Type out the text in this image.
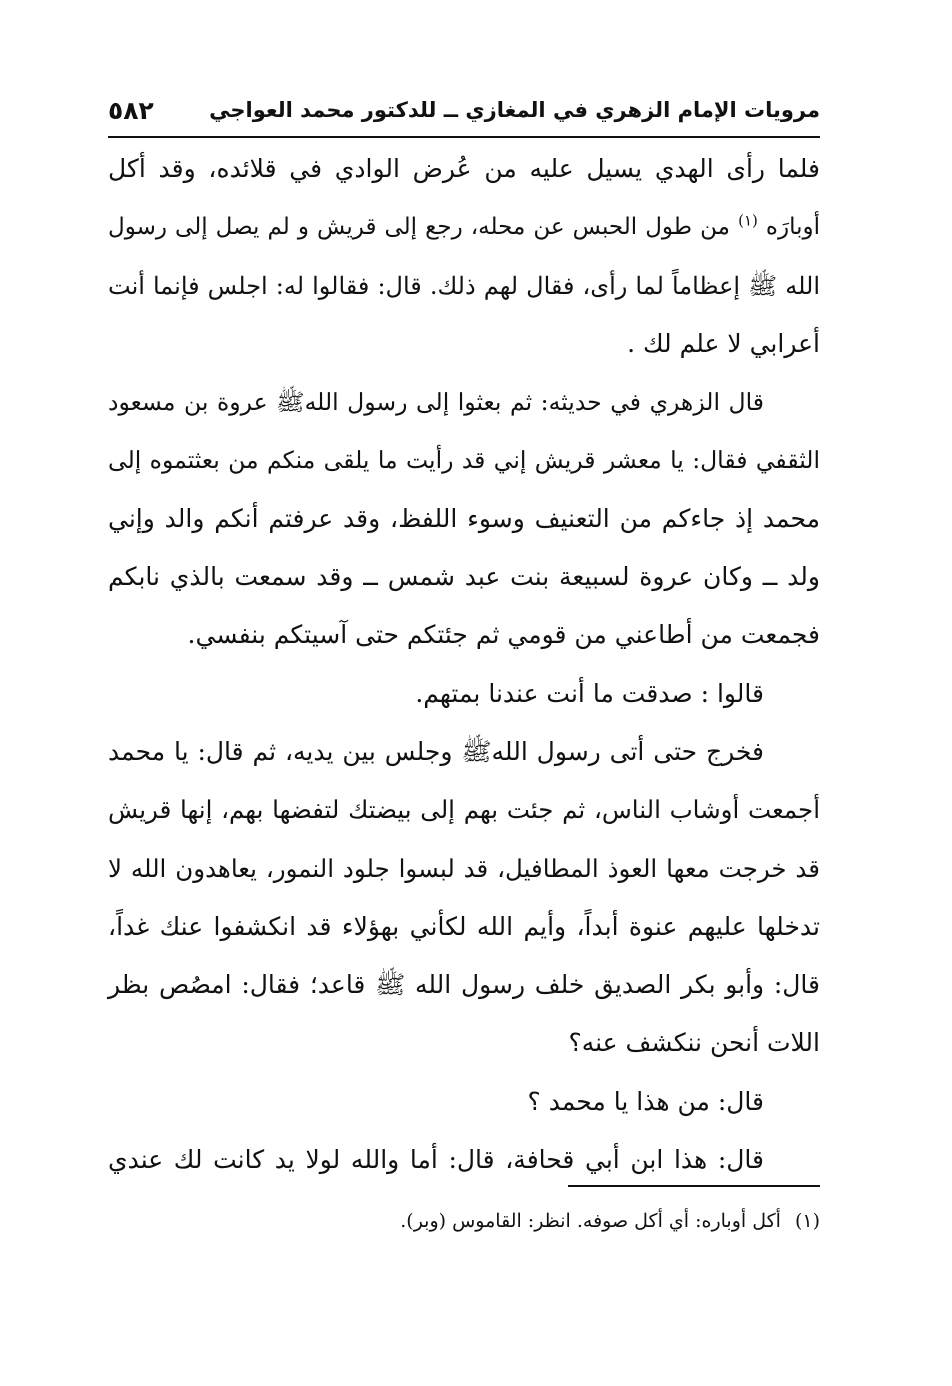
مرويات الإمام الزهري في المغازي ــ للدكتور محمد العواجي
٥٨٢
فلما رأى الهدي يسيل عليه من عُرض الوادي في قلائده، وقد أكل
أوبارَه $^{(١)}$ من طول الحبس عن محله، رجع إلى قريش و لم يصل إلى رسول
الله ﷺ إعظاماً لما رأى، فقال لهم ذلك. قال: فقالوا له: اجلس فإنما أنت
أعرابي لا علم لك .
قال الزهري في حديثه: ثم بعثوا إلى رسول اللهﷺ عروة بن مسعود
الثقفي فقال: يا معشر قريش إني قد رأيت ما يلقى منكم من بعثتموه إلى
محمد إذ جاءكم من التعنيف وسوء اللفظ، وقد عرفتم أنكم والد وإني
ولد ــ وكان عروة لسبيعة بنت عبد شمس ــ وقد سمعت بالذي نابكم
فجمعت من أطاعني من قومي ثم جئتكم حتى آسيتكم بنفسي.
قالوا : صدقت ما أنت عندنا بمتهم.
فخرج حتى أتى رسول اللهﷺ وجلس بين يديه، ثم قال: يا محمد
أجمعت أوشاب الناس، ثم جئت بهم إلى بيضتك لتفضها بهم، إنها قريش
قد خرجت معها العوذ المطافيل، قد لبسوا جلود النمور، يعاهدون الله لا
تدخلها عليهم عنوة أبداً، وأيم الله لكأني بهؤلاء قد انكشفوا عنك غداً،
قال: وأبو بكر الصديق خلف رسول الله ﷺ قاعد؛ فقال: امصُص بظر
اللات أنحن ننكشف عنه؟
قال: من هذا يا محمد ؟
قال: هذا ابن أبي قحافة، قال: أما والله لولا يد كانت لك عندي
(١)أكل أوباره: أي أكل صوفه. انظر: القاموس (وبر).
